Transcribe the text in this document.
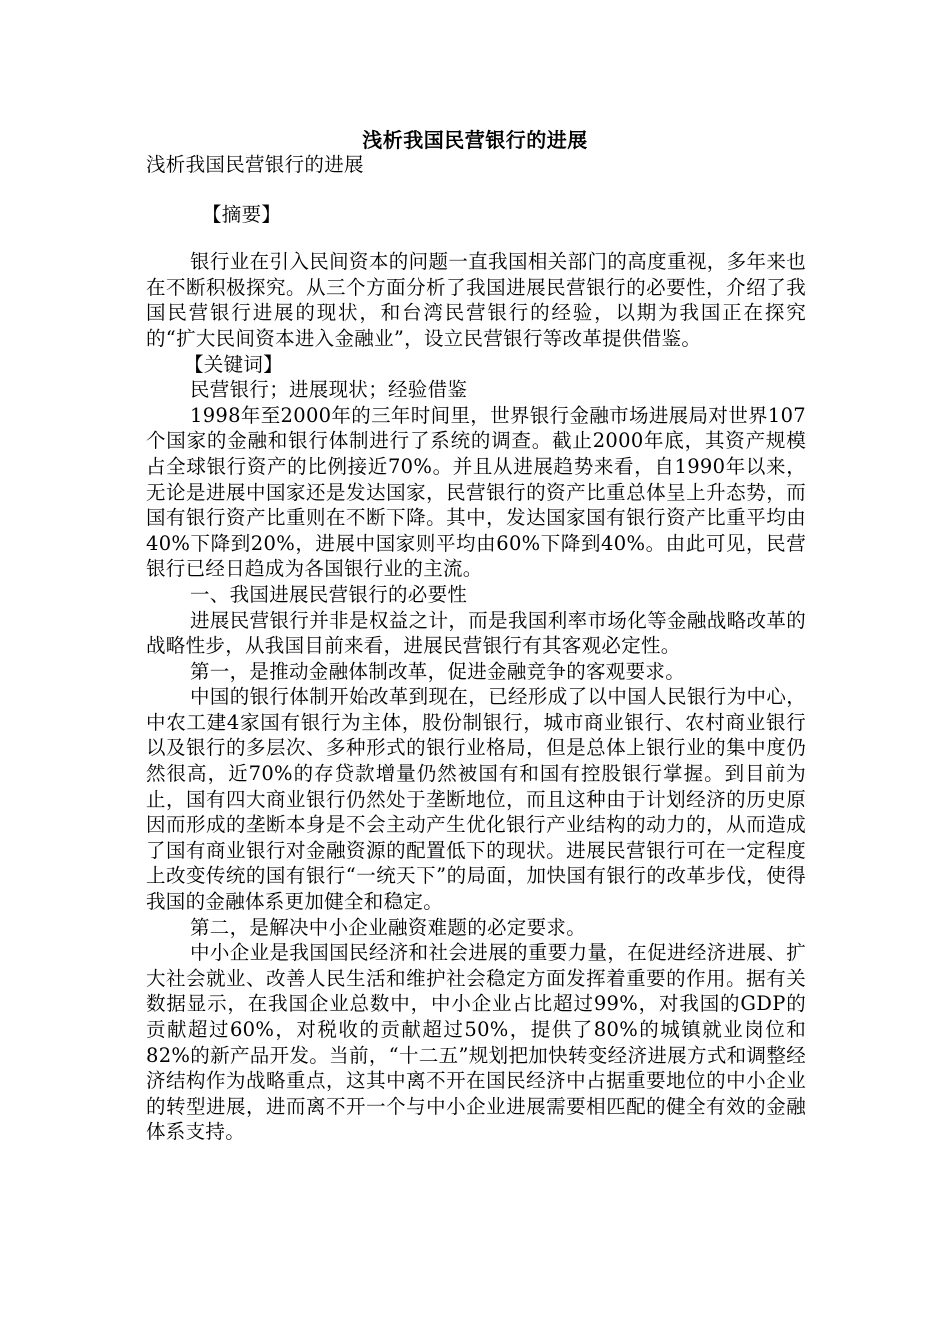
浅析我国民营银行的进展

浅析我国民营银行的进展

【摘要】

银行业在引入民间资本的问题一直我国相关部门的高度重视，多年来也在不断积极探究。从三个方面分析了我国进展民营银行的必要性，介绍了我国民营银行进展的现状，和台湾民营银行的经验，以期为我国正在探究的“扩大民间资本进入金融业”，设立民营银行等改革提供借鉴。

【关键词】

民营银行；进展现状；经验借鉴

1998年至2000年的三年时间里，世界银行金融市场进展局对世界107个国家的金融和银行体制进行了系统的调查。截止2000年底，其资产规模占全球银行资产的比例接近70%。并且从进展趋势来看，自1990年以来，无论是进展中国家还是发达国家，民营银行的资产比重总体呈上升态势，而国有银行资产比重则在不断下降。其中，发达国家国有银行资产比重平均由40%下降到20%，进展中国家则平均由60%下降到40%。由此可见，民营银行已经日趋成为各国银行业的主流。

一、我国进展民营银行的必要性

进展民营银行并非是权益之计，而是我国利率市场化等金融战略改革的战略性步，从我国目前来看，进展民营银行有其客观必定性。

第一，是推动金融体制改革，促进金融竞争的客观要求。

中国的银行体制开始改革到现在，已经形成了以中国人民银行为中心，中农工建4家国有银行为主体，股份制银行，城市商业银行、农村商业银行以及银行的多层次、多种形式的银行业格局，但是总体上银行业的集中度仍然很高，近70%的存贷款增量仍然被国有和国有控股银行掌握。到目前为止，国有四大商业银行仍然处于垄断地位，而且这种由于计划经济的历史原因而形成的垄断本身是不会主动产生优化银行产业结构的动力的，从而造成了国有商业银行对金融资源的配置低下的现状。进展民营银行可在一定程度上改变传统的国有银行“一统天下”的局面，加快国有银行的改革步伐，使得我国的金融体系更加健全和稳定。

第二，是解决中小企业融资难题的必定要求。

中小企业是我国国民经济和社会进展的重要力量，在促进经济进展、扩大社会就业、改善人民生活和维护社会稳定方面发挥着重要的作用。据有关数据显示，在我国企业总数中，中小企业占比超过99%，对我国的GDP的贡献超过60%，对税收的贡献超过50%，提供了80%的城镇就业岗位和82%的新产品开发。当前，“十二五”规划把加快转变经济进展方式和调整经济结构作为战略重点，这其中离不开在国民经济中占据重要地位的中小企业的转型进展，进而离不开一个与中小企业进展需要相匹配的健全有效的金融体系支持。
